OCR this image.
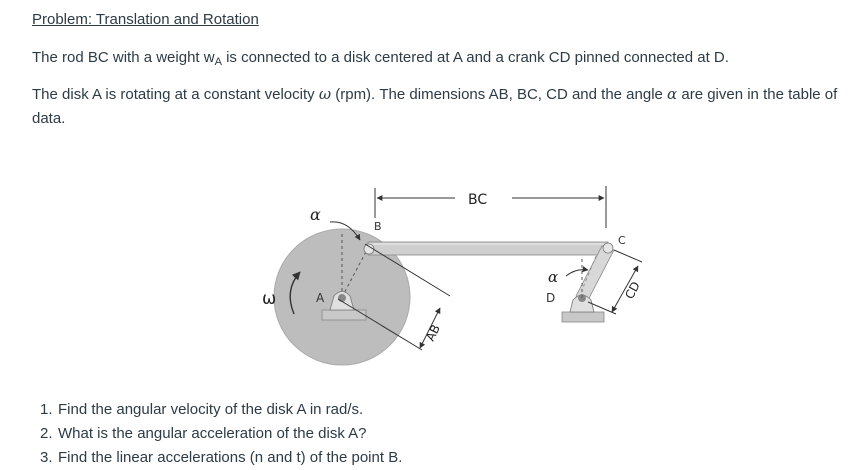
Problem: Translation and Rotation
The rod BC with a weight $w_A$ is connected to a disk centered at A and a crank CD pinned connected at D.
The disk A is rotating at a constant velocity ω (rpm). The dimensions AB, BC, CD and the angle α are given in the table of data.
BC
α
ω	A
B
AB
C
D
α
CD
1. Find the angular velocity of the disk A in rad/s.
2. What is the angular acceleration of the disk A?
3. Find the linear accelerations (n and t) of the point B.
